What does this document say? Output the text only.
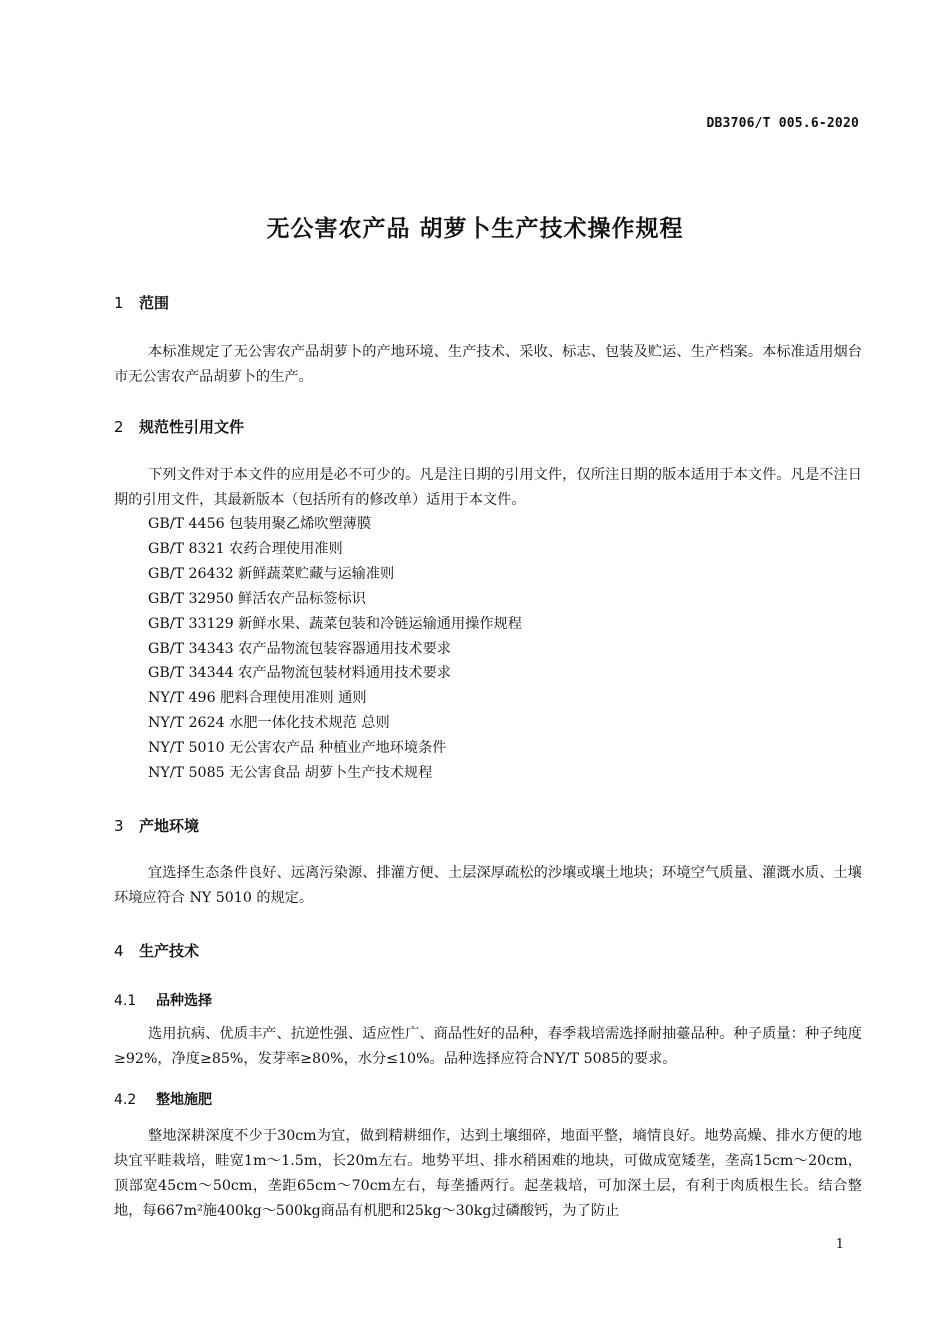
DB3706/T 005.6-2020
无公害农产品 胡萝卜生产技术操作规程
1 范围

本标准规定了无公害农产品胡萝卜的产地环境、生产技术、采收、标志、包装及贮运、生产档案。本标准适用烟台市无公害农产品胡萝卜的生产。

2 规范性引用文件

下列文件对于本文件的应用是必不可少的。凡是注日期的引用文件，仅所注日期的版本适用于本文件。凡是不注日期的引用文件，其最新版本（包括所有的修改单）适用于本文件。

GB/T 4456 包装用聚乙烯吹塑薄膜
GB/T 8321 农药合理使用准则
GB/T 26432 新鲜蔬菜贮藏与运输准则
GB/T 32950 鲜活农产品标签标识
GB/T 33129 新鲜水果、蔬菜包装和冷链运输通用操作规程
GB/T 34343 农产品物流包装容器通用技术要求
GB/T 34344 农产品物流包装材料通用技术要求
NY/T 496 肥料合理使用准则 通则
NY/T 2624 水肥一体化技术规范 总则
NY/T 5010 无公害农产品 种植业产地环境条件
NY/T 5085 无公害食品 胡萝卜生产技术规程
3 产地环境

宜选择生态条件良好、远离污染源、排灌方便、土层深厚疏松的沙壤或壤土地块；环境空气质量、灌溉水质、土壤环境应符合 NY 5010 的规定。

4 生产技术
4.1 品种选择

选用抗病、优质丰产、抗逆性强、适应性广、商品性好的品种，春季栽培需选择耐抽薹品种。种子质量：种子纯度≥92%，净度≥85%，发芽率≥80%，水分≤10%。品种选择应符合NY/T 5085的要求。

4.2 整地施肥

整地深耕深度不少于30cm为宜，做到精耕细作，达到土壤细碎，地面平整，墒情良好。地势高燥、排水方便的地块宜平畦栽培，畦宽1m～1.5m，长20m左右。地势平坦、排水稍困难的地块，可做成宽矮垄，垄高15cm～20cm，顶部宽45cm～50cm，垄距65cm～70cm左右，每垄播两行。起垄栽培，可加深土层，有利于肉质根生长。结合整地，每667m²施400kg～500kg商品有机肥和25kg～30kg过磷酸钙，为了防止

1
